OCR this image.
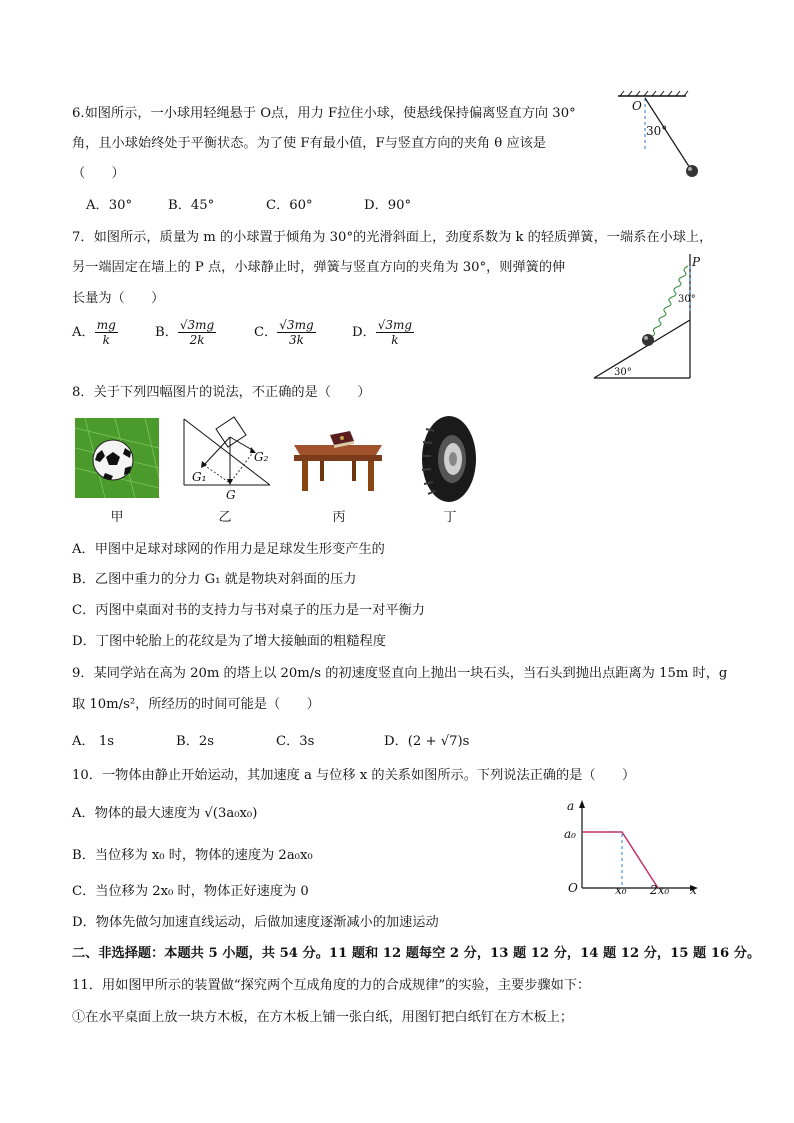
6.如图所示，一小球用轻绳悬于 O点，用力 F拉住小球，使悬线保持偏离竖直方向 30°
角，且小球始终处于平衡状态。为了使 F有最小值，F与竖直方向的夹角 θ 应该是
（　　）
A．30°	B．45°	C．60°	D．90°
O
30°
7．如图所示，质量为 m 的小球置于倾角为 30°的光滑斜面上，劲度系数为 k 的轻质弹簧，一端系在小球上，
另一端固定在墙上的 P 点，小球静止时，弹簧与竖直方向的夹角为 30°，则弹簧的伸
长量为（　　）
A． $\frac{mg}{k}$	B． $\frac{√3mg}{2k}$	C． $\frac{√3mg}{3k}$	D． $\frac{√3mg}{k}$
P
30°
30°
8．关于下列四幅图片的说法，不正确的是（　　）
甲
G
G₁
G₂
乙	丙	丁
A．甲图中足球对球网的作用力是足球发生形变产生的
B．乙图中重力的分力 G₁ 就是物块对斜面的压力
C．丙图中桌面对书的支持力与书对桌子的压力是一对平衡力
D．丁图中轮胎上的花纹是为了增大接触面的粗糙程度
9．某同学站在高为 20m 的塔上以 20m/s 的初速度竖直向上抛出一块石头，当石头到抛出点距离为 15m 时，g
取 10m/s²，所经历的时间可能是（　　）
A． 1s	B．2s	C．3s	D．(2 + √7)s
10．一物体由静止开始运动，其加速度 a 与位移 x 的关系如图所示。下列说法正确的是（　　）
A．物体的最大速度为 √(3a₀x₀)
B．当位移为 x₀ 时，物体的速度为 2a₀x₀
C．当位移为 2x₀ 时，物体正好速度为 0
D．物体先做匀加速直线运动，后做加速度逐渐减小的加速运动
a
a₀
O	x₀ 2x₀ x
二、非选择题：本题共 5 小题，共 54 分。11 题和 12 题每空 2 分，13 题 12 分，14 题 12 分，15 题 16 分。
11．用如图甲所示的装置做“探究两个互成角度的力的合成规律”的实验，主要步骤如下：
①在水平桌面上放一块方木板，在方木板上铺一张白纸，用图钉把白纸钉在方木板上；
